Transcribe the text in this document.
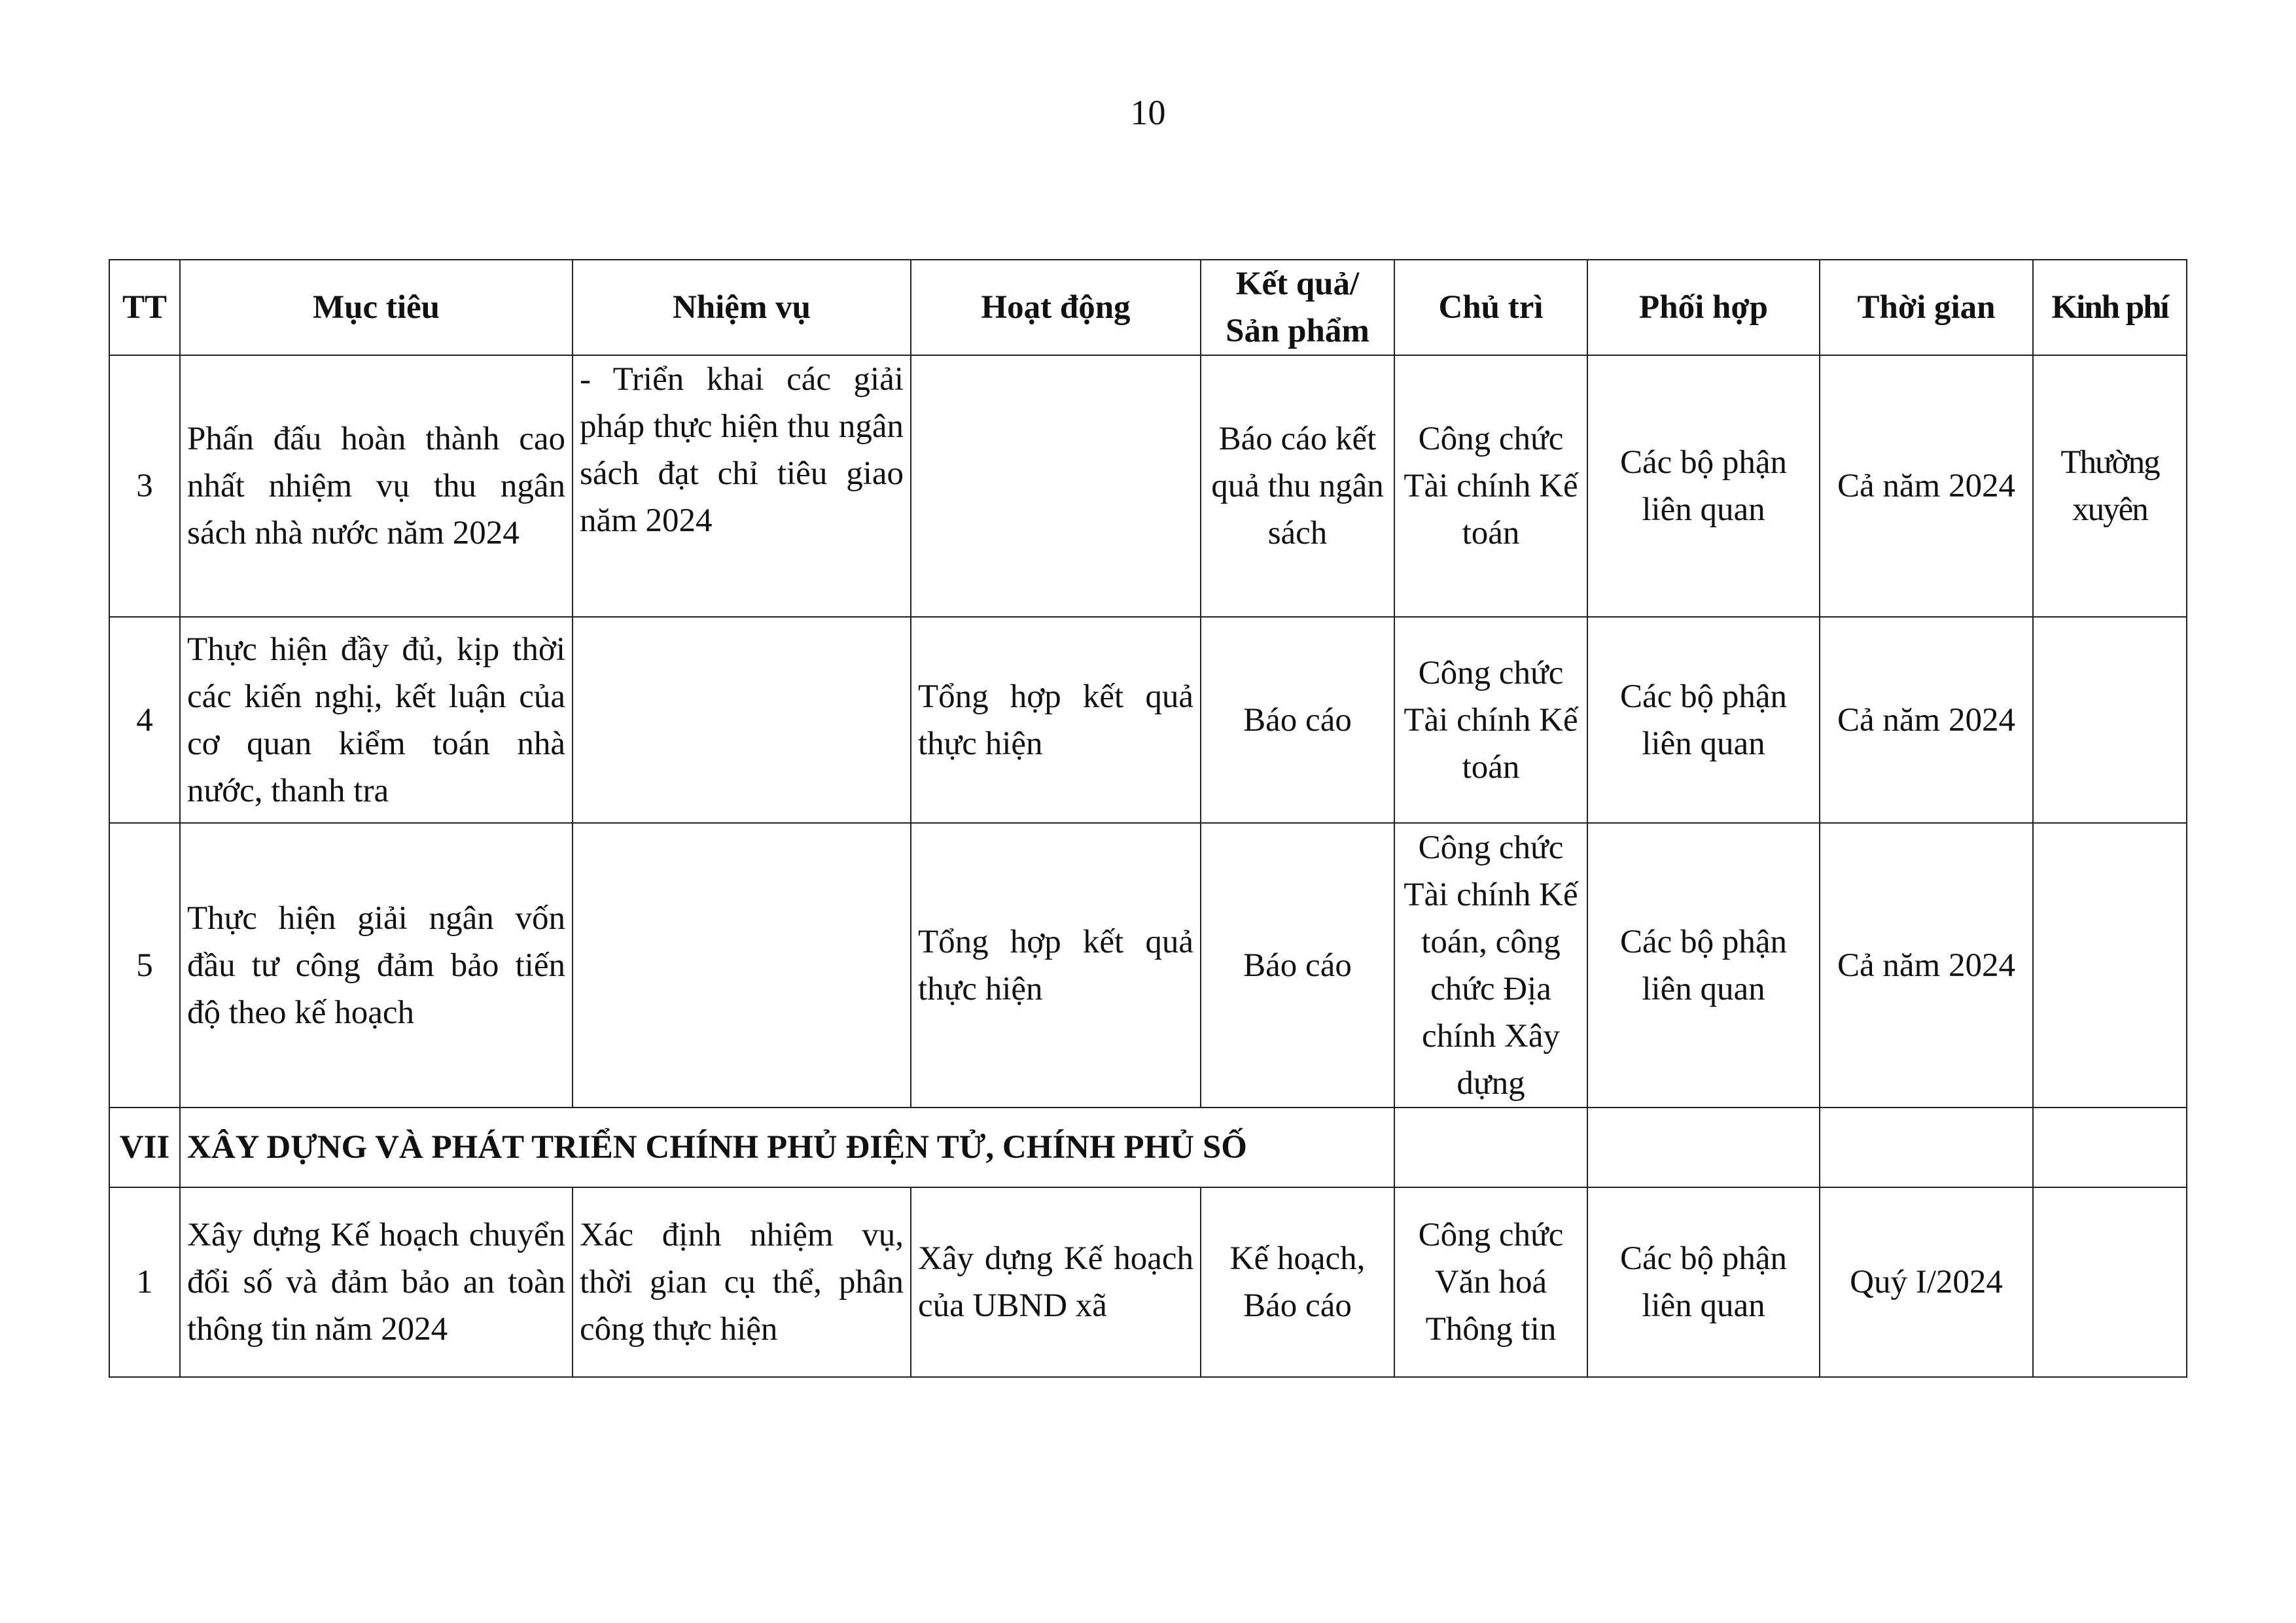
10
TT	Mục tiêu	Nhiệm vụ	Hoạt động	Kết quả/ Sản phẩm	Chủ trì	Phối hợp	Thời gian	Kinh phí
3	Phấn đấu hoàn thành cao nhất nhiệm vụ thu ngân sách nhà nước năm 2024	- Triển khai các giải pháp thực hiện thu ngân sách đạt chỉ tiêu giao năm 2024		Báo cáo kết quả thu ngân sách	Công chức Tài chính Kế toán	Các bộ phận liên quan	Cả năm 2024	Thường xuyên
4	Thực hiện đầy đủ, kịp thời các kiến nghị, kết luận của cơ quan kiểm toán nhà nước, thanh tra		Tổng hợp kết quả thực hiện	Báo cáo	Công chức Tài chính Kế toán	Các bộ phận liên quan	Cả năm 2024	
5	Thực hiện giải ngân vốn đầu tư công đảm bảo tiến độ theo kế hoạch		Tổng hợp kết quả thực hiện	Báo cáo	Công chức Tài chính Kế toán, công chức Địa chính Xây dựng	Các bộ phận liên quan	Cả năm 2024	
VII	XÂY DỰNG VÀ PHÁT TRIỂN CHÍNH PHỦ ĐIỆN TỬ, CHÍNH PHỦ SỐ							
1	Xây dựng Kế hoạch chuyển đổi số và đảm bảo an toàn thông tin năm 2024	Xác định nhiệm vụ, thời gian cụ thể, phân công thực hiện	Xây dựng Kế hoạch của UBND xã	Kế hoạch, Báo cáo	Công chức Văn hoá Thông tin	Các bộ phận liên quan	Quý I/2024	
